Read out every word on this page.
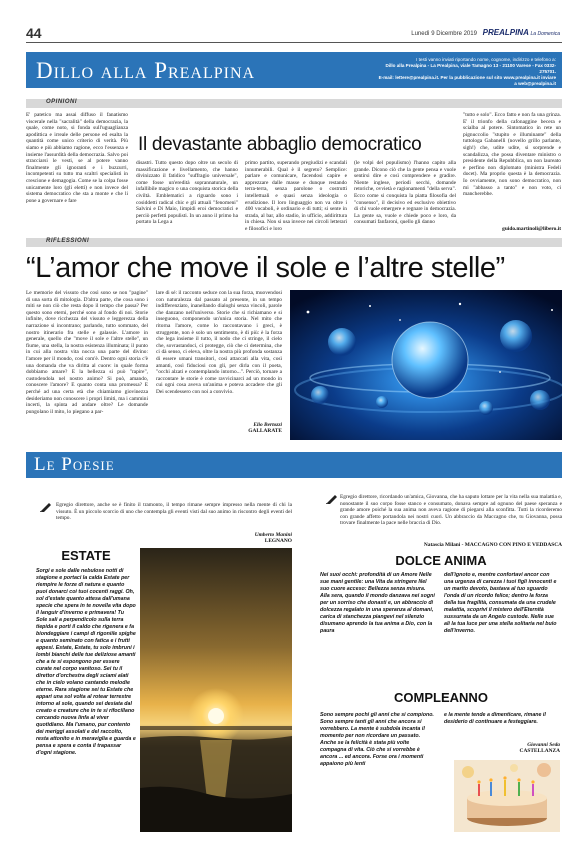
44	Lunedì 9 Dicembre 2019 PREALPINA La Domenica
Dillo alla Prealpina	I testi vanno inviati riportando nome, cognome, indirizzo e telefono a:
Dillo alla Prealpina - La Prealpina, viale Tamagno 13 - 21100 Varese - Fax 0332-275701.
E-mail: lettere@prealpina.it. Per la pubblicazione sul sito www.prealpina.it inviare a web@prealpina.it
OPINIONI
Il devastante abbaglio democratico
E' patetico ma assai diffuso il fanatismo viscerale nella "sacralità" della democrazia, la quale, come noto, si fonda sull'uguaglianza apodittica e irreale delle persone ed esalta la quantità come unico criterio di verità. Più siamo e più abbiamo ragione, ecco l'essenza e insieme l'assurdità della democrazia. Salvo poi stracciarsi le vesti, se al potere vanno finalmente gli ignoranti e i buzzurri, incompetenti su tutto ma scaltri specialisti in crescione e demagogia. Come se la colpa fosse unicamente loro (gli eletti) e non invece del sistema democratico che sta a monte e che li pone a governare e fare
disastri. Tutto questo dopo oltre un secolo di massificazione e livellamento, che hanno divinizzato il fatidico "suffragio universale", come fosse un'eredità soprannaturale, un infallibile magico o una conquista storica della civiltà. Emblematici a riguardo sono i cosiddetti radical chic e gli attuali "fenomeni" Salvini e Di Maio, limpidi eroi democratici e perciò perfetti populisti. In un anno il primo ha portato la Lega a
primo partito, superando pregiudizi e scandali innumerabili. Qual è il segreto? Semplice: parlare e comunicare, facendosi capire e apprezzare dalle masse e dunque restando terra-terra, senza parolone o costrutti intellettuali e quasi senza ideologia o erudizione. Il loro linguaggio non va oltre i 400 vocaboli, è ordinario e di tutti; si sente in strada, al bar, allo stadio, in ufficio, addirittura in chiesa. Non si usa invece nei circoli letterari e filosofici e loro
(le volpi del populismo) l'hanno capito alla grande. Dicono ciò che la gente pensa e vuole sentirsi dire e così comprendere e gradire. Niente inglese, periodi secchi, domande retoriche, ovvietà e ragionamenti "della serva". Ecco come si conquista la piatta filosofia del "consenso", il decisivo ed esclusivo obiettivo di chi vuole emergere e regnare in democrazia. La gente sa, vuole e chiede poco e loro, da consumati fanfaroni, quello gli danno
"tutto e solo". Ecco fatto e non fa una grinza. E' il trionfo della cafonaggine becera e scialba al potere. Sintomatico in rete un pignuccolio "stupito e illuminante" della tuttologa Gabanelli (novello grillo parlante, sigh!) che, udite udite, si sorprende e scandalizza, che possa diventare ministro o presidente della Repubblica, un non laureato e perfino non diplomato (ministra Fedeli docet). Ma proprio questa è la democrazia. Io ovviamente, non sono democratico, non mi "abbasso a tanto" e non voto, ci mancherebbe.
guido.martinoli@libero.it
RIFLESSIONI
“L’amor che move il sole e l’altre stelle”
Le memorie del vissuto che così sono se non "pagine" di una sorta di mitologia. D'altra parte, che cosa sono i miti se non ciò che resta dopo il tempo che passa? Per questo sono eterni, perché sono al fondo di noi. Storie infinite, dove ricchezza del vissuto e leggerezza della narrazione si incontrano; parlando, tutto sommato, del nostro itinerario fra stelle e galassie. L'amore in generale, quello che "move il sole e l'altre stelle", un fiume, una stella, la nostra esistenza illuminata; il punto in cui alla nostra vita nocca una parte del divino: l'amore per il mondo, così com'è. Dentro ogni storia c'è una domanda che va diritta al cuore: in quale forma dobbiamo amare? E la bellezza si può "rapire", custodendola nel nostro animo? Si può, amando, conoscere l'amore? E quanto conta una promessa? E perché ad una certa età che chiamiamo giovinezza desideriamo non conoscere i propri limiti, ma i cammini incerti, la spinta ad andare oltre? Le domande pungolano il mito, lo piegano a par-
lare di sé: il racconto seduce con la sua forza, muovendosi con naturalezza dal passato al presente, in un tempo indifferenziato, inanellando dialoghi senza vincoli, parole che danzano nell'universo. Storie che si richiamano e si inseguono, componendo un'unica storia. Nel mito che ritorna l'amore, come lo raccontavano i greci, è struggente, non è solo un sentimento, è di più: è la forza che lega insieme il tutto, il nodo che ci stringe, il cielo che, sovrastandoci, ci protegge, ciò che ci determina, che ci dà senso, ci eleva, oltre la nostra più profonda sostanza di essere umani transitori, così attaccati alla vita, così amanti, così fiduciosi con gli, per dirla con il poeta, "occhi alzati e contemplando intorno...". Perciò, tornare a raccontare le storie è come ravvicinarci ad un mondo in cui ogni cosa aveva un'anima e poteva accadere che gli Dei scendessero con noi a convivio.
Elio Bertozzi
GALLARATE
Le Poesie
Egregio direttore, anche se è finito il tramonto, il tempo rimane sempre impresso nella mente di chi la vissuto. È un piccolo scorcio di uno che contempla gli eventi visti dal suo animo in riscontro degli eventi del tempo.
Umberto Manini
LEGNANO
ESTATE
Sorgi e sole dalle nebulose notti di stagione e portaci la calda Estate per riempire le forze di natura e quanto puoi donarci coi tuoi cocenti raggi. Oh, sol d'estate quanto attesa dall'umana specie che spera in te novella vita dopo il languir d'inverno e primavera! Tu Sole sali a perpendicolo sulla terra tiepida e porti il caldo che rigenera e fa biondeggiare i campi di rigoniile spighe e quanto seminato con fatica e i frutti appesi. Estate, Estate, tu solo imbruni i lombi bianchi delle tue deliziose amanti che a te si espongono per essere curate nel corpo vanitoso. Sei tu il direttor d'orchestra degli sciami alati che in cielo volano cantando melodie eterne. Rara stagione sei tu Estate che appari una sol volta al rotear terrestre intorno al sole, quando sei desiata dal creato e creature che in te si rifocillano cercando nuova linfa al viver quotidiano. Ma l'umano, pur contento dei meriggi assolati e del raccolto, resta attonito e in meraviglia e guarda e pensa e spera e conta il trapassar d'ogni stagione.
Egregio direttore, ricordando un'amica, Giovanna, che ha saputo lottare per la vita nella sua malattia e, nonostante il suo corpo fosse stanco e consumato, donava sempre ad ognuno del paese speranza e grande amore poiché la sua anima non aveva ragione di piegarsi alla sconfitta. Tutti la ricorderemo con grande affetto portandola nei nostri cuori. Un abbraccio da Maccagno che, tu Giovanna, possa trovare finalmente la pace nelle braccia di Dio.
Natascia Milani - MACCAGNO CON PINO E VEDDASCA
DOLCE ANIMA
Nei suoi occhi: profondità di un Amore Nelle sue mani gentile: una Vita da stringere Nel suo cuore acceso: Bellezza senza misura. Alla sera, quando il mondo danzava nei sogni per un sorriso che donasti e, un abbraccio di dolcezza regalato in una speranza al domani, carica di stanchezza piangevi nel silenzio disumano aprendo la tua anima a Dio, con la paura
dell'ignoto e, mentre confortavi ancor con una urgenza di carezza i tuoi figli innocenti e un marito devoto, bastava al tuo sguardo l'onda di un ricordo felice; dentro la forza della tua fragilità, consumata da una crudele malattia, scoprivi il mistero dell'Eternità sussurrata da un Angelo custode. Nelle sue ali la tua luce per una stella solitaria nel buio dell'inverno.
COMPLEANNO
Sono sempre pochi gli anni che si compiono. Sono sempre tanti gli anni che ancora si vorrebbero. La mente è subdola incanta il momento per non ricordare un passato. Anche se la felicità è stata più volte compagna di vita. Ciò che si vorrebbe è ancora ... ed ancora. Forse ora i momenti appaiono più lenti
e la mente tende a dimenticare, rimane il desiderio di continuare a festeggiare.
Giovanni Seda
CASTELLANZA
